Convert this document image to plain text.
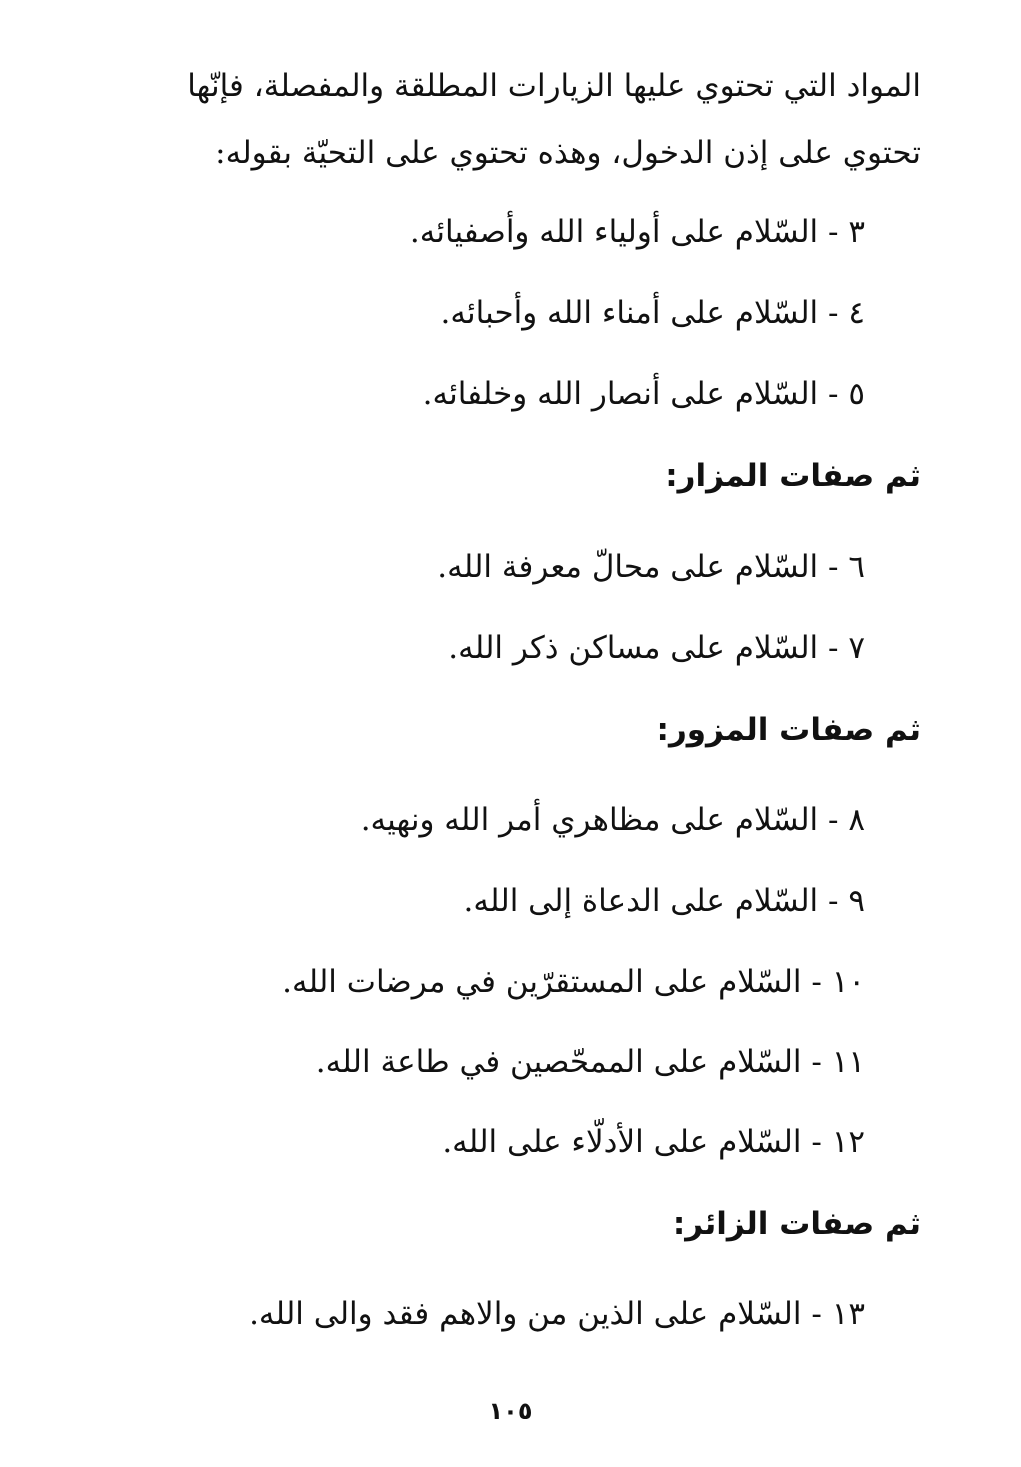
المواد التي تحتوي عليها الزيارات المطلقة والمفصلة، فإنّها
تحتوي على إذن الدخول، وهذه تحتوي على التحيّة بقوله:
٣ - السّلام على أولياء الله وأصفيائه.
٤ - السّلام على أمناء الله وأحبائه.
٥ - السّلام على أنصار الله وخلفائه.
ثم صفات المزار:
٦ - السّلام على محالّ معرفة الله.
٧ - السّلام على مساكن ذكر الله.
ثم صفات المزور:
٨ - السّلام على مظاهري أمر الله ونهيه.
٩ - السّلام على الدعاة إلى الله.
١٠ - السّلام على المستقرّين في مرضات الله.
١١ - السّلام على الممحّصين في طاعة الله.
١٢ - السّلام على الأدلّاء على الله.
ثم صفات الزائر:
١٣ - السّلام على الذين من والاهم فقد والى الله.
١٠٥
